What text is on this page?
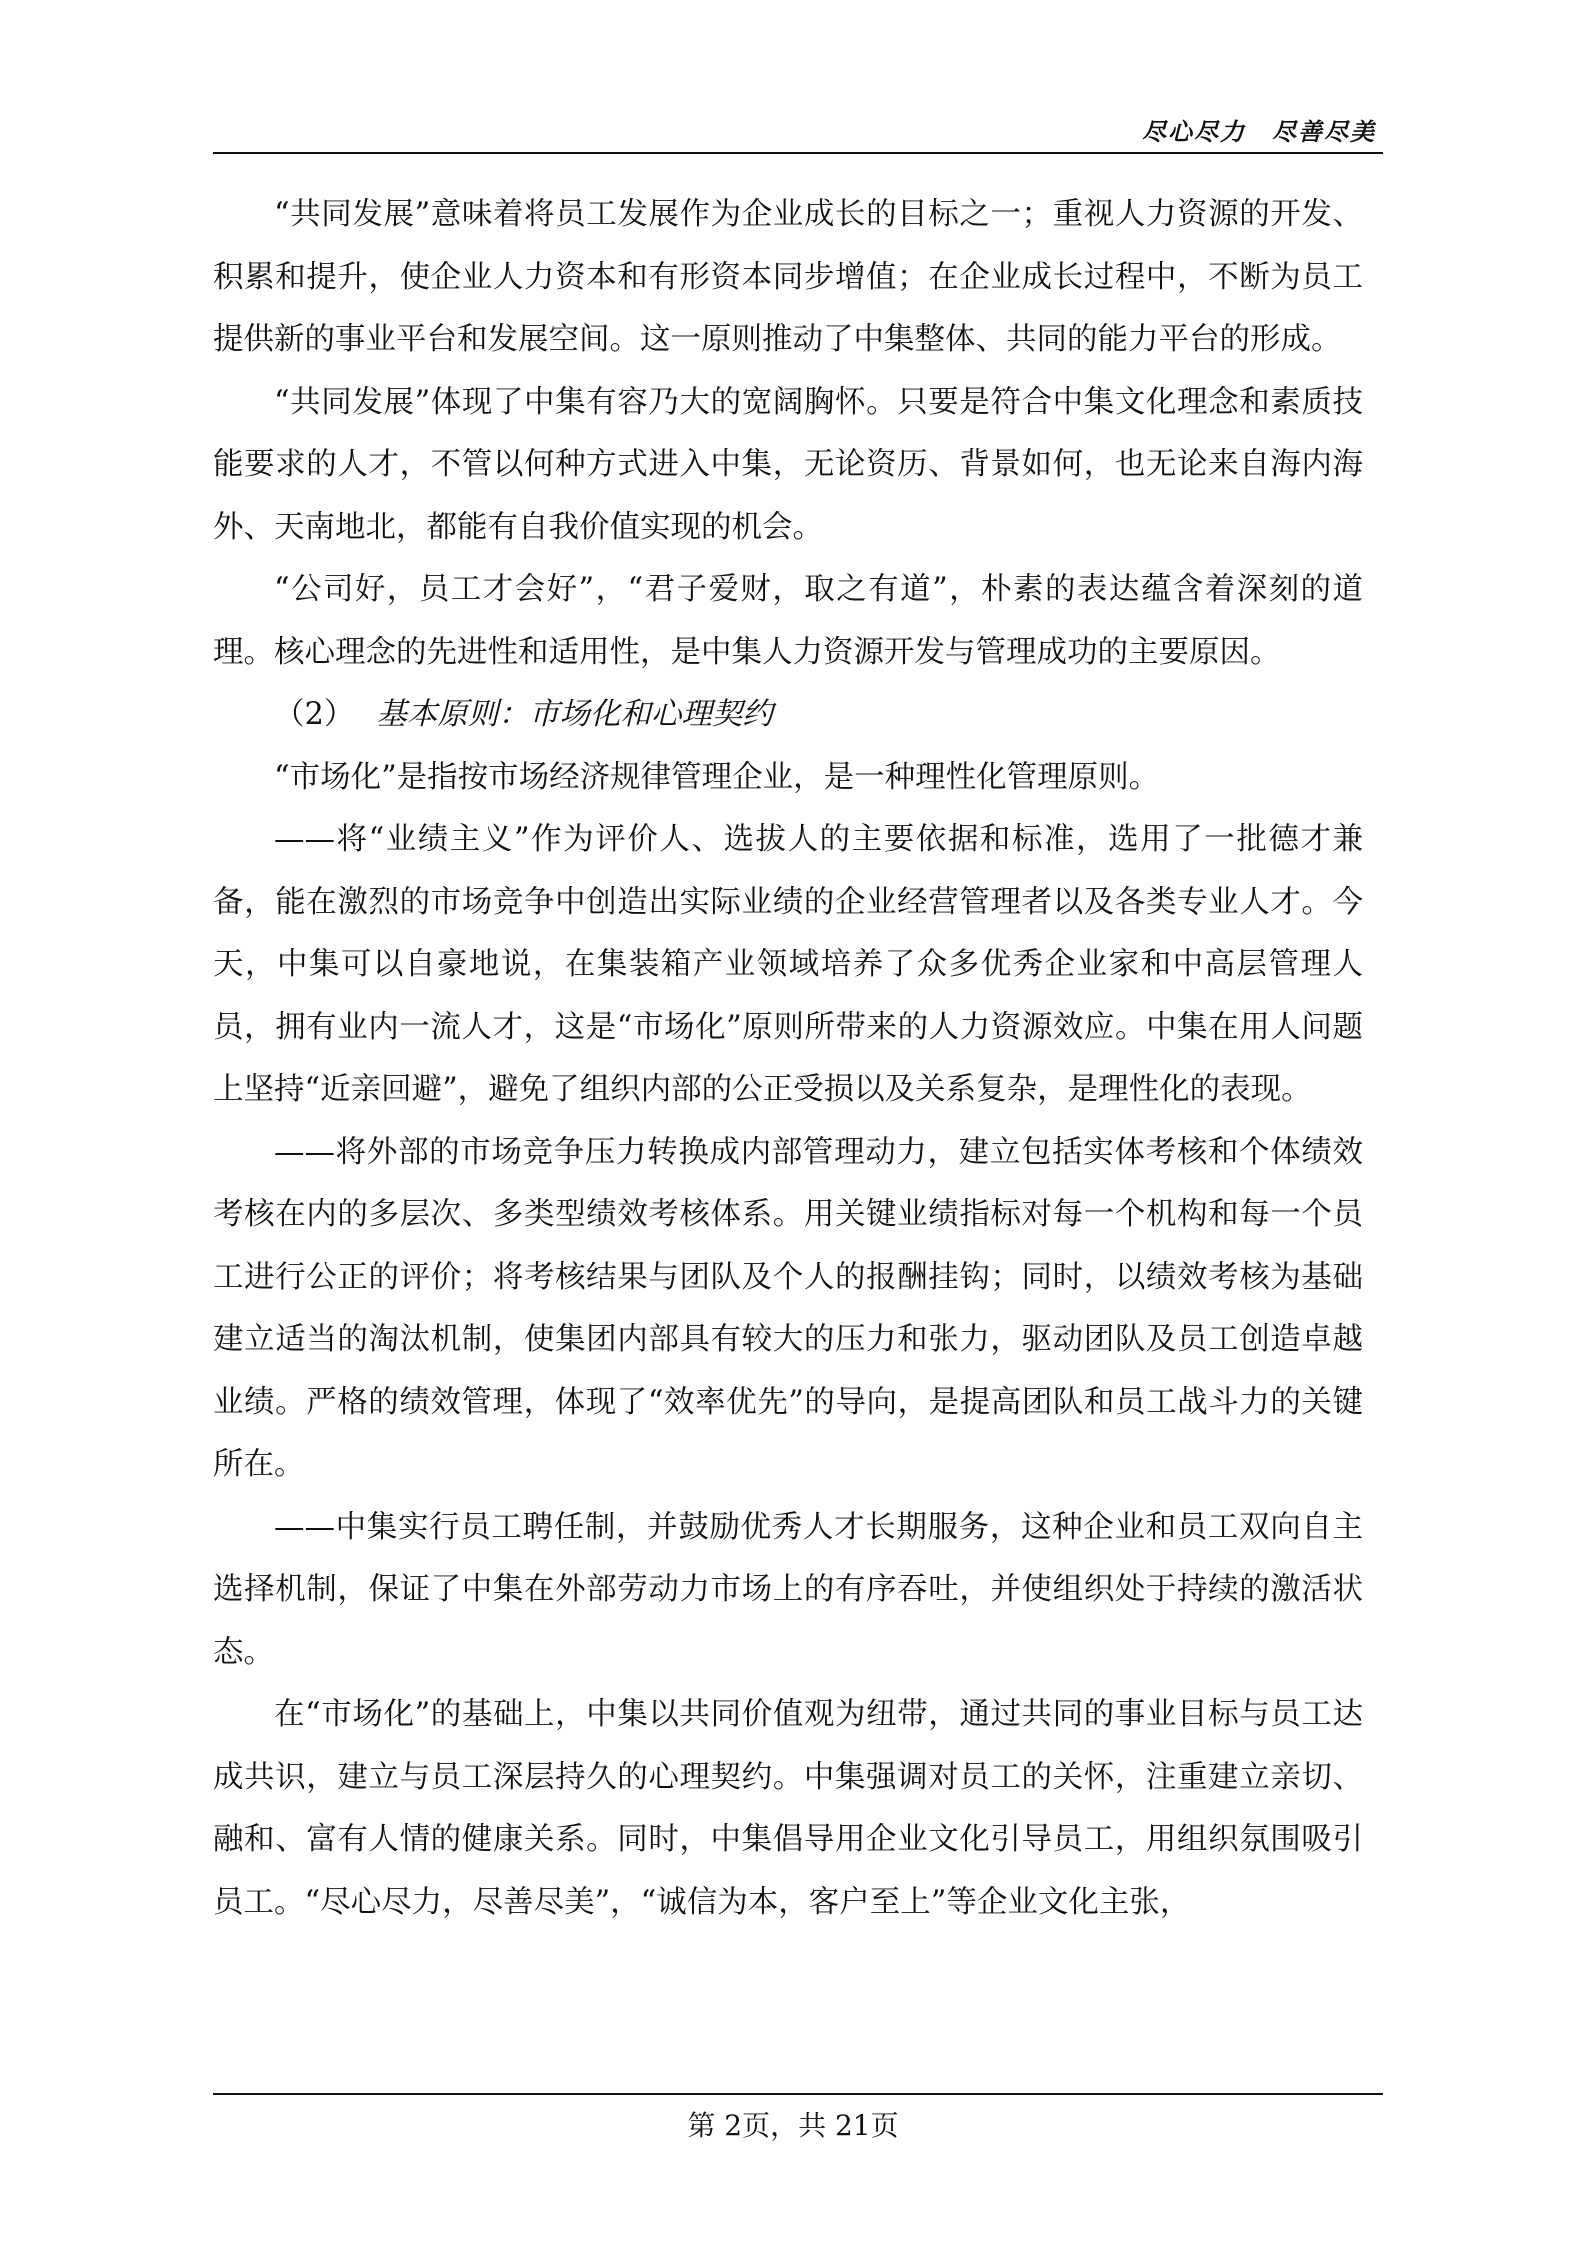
尽心尽力　尽善尽美

“共同发展”意味着将员工发展作为企业成长的目标之一；重视人力资源的开发、积累和提升，使企业人力资本和有形资本同步增值；在企业成长过程中，不断为员工提供新的事业平台和发展空间。这一原则推动了中集整体、共同的能力平台的形成。

“共同发展”体现了中集有容乃大的宽阔胸怀。只要是符合中集文化理念和素质技能要求的人才，不管以何种方式进入中集，无论资历、背景如何，也无论来自海内海外、天南地北，都能有自我价值实现的机会。

“公司好，员工才会好”，“君子爱财，取之有道”，朴素的表达蕴含着深刻的道理。核心理念的先进性和适用性，是中集人力资源开发与管理成功的主要原因。

（2） 基本原则：市场化和心理契约

“市场化”是指按市场经济规律管理企业，是一种理性化管理原则。

——将“业绩主义”作为评价人、选拔人的主要依据和标准，选用了一批德才兼备，能在激烈的市场竞争中创造出实际业绩的企业经营管理者以及各类专业人才。今天，中集可以自豪地说，在集装箱产业领域培养了众多优秀企业家和中高层管理人员，拥有业内一流人才，这是“市场化”原则所带来的人力资源效应。中集在用人问题上坚持“近亲回避”，避免了组织内部的公正受损以及关系复杂，是理性化的表现。

——将外部的市场竞争压力转换成内部管理动力，建立包括实体考核和个体绩效考核在内的多层次、多类型绩效考核体系。用关键业绩指标对每一个机构和每一个员工进行公正的评价；将考核结果与团队及个人的报酬挂钩；同时，以绩效考核为基础建立适当的淘汰机制，使集团内部具有较大的压力和张力，驱动团队及员工创造卓越业绩。严格的绩效管理，体现了“效率优先”的导向，是提高团队和员工战斗力的关键所在。

——中集实行员工聘任制，并鼓励优秀人才长期服务，这种企业和员工双向自主选择机制，保证了中集在外部劳动力市场上的有序吞吐，并使组织处于持续的激活状态。

在“市场化”的基础上，中集以共同价值观为纽带，通过共同的事业目标与员工达成共识，建立与员工深层持久的心理契约。中集强调对员工的关怀，注重建立亲切、融和、富有人情的健康关系。同时，中集倡导用企业文化引导员工，用组织氛围吸引员工。“尽心尽力，尽善尽美”，“诚信为本，客户至上”等企业文化主张，

第 2页，共 21页
